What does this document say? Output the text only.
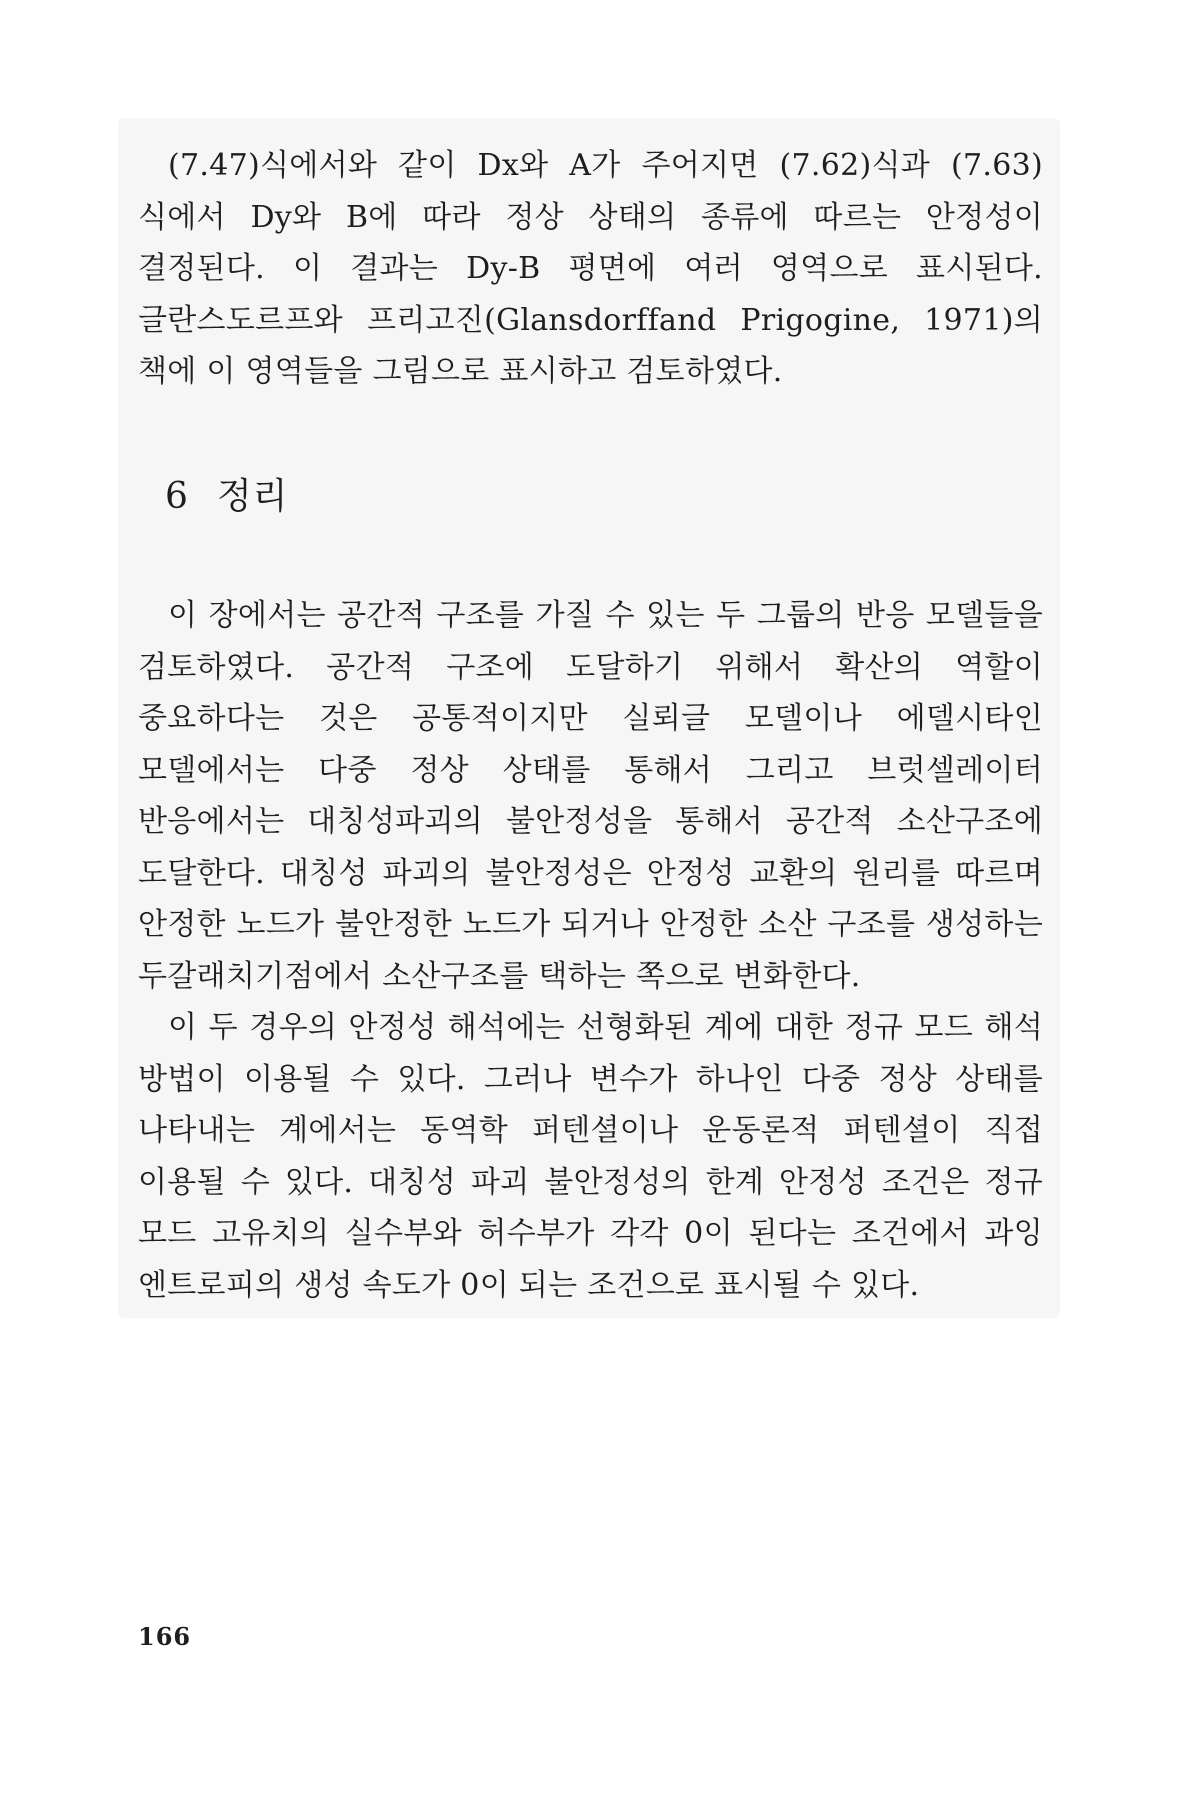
(7.47)식에서와 같이 Dx와 A가 주어지면 (7.62)식과 (7.63)식에서 Dy와 B에 따라 정상 상태의 종류에 따르는 안정성이 결정된다. 이 결과는 Dy-B 평면에 여러 영역으로 표시된다. 글란스도르프와 프리고진(Glansdorffand Prigogine, 1971)의 책에 이 영역들을 그림으로 표시하고 검토하였다.

6 정리

이 장에서는 공간적 구조를 가질 수 있는 두 그룹의 반응 모델들을 검토하였다. 공간적 구조에 도달하기 위해서 확산의 역할이 중요하다는 것은 공통적이지만 실뢰글 모델이나 에델시타인 모델에서는 다중 정상 상태를 통해서 그리고 브럿셀레이터 반응에서는 대칭성파괴의 불안정성을 통해서 공간적 소산구조에 도달한다. 대칭성 파괴의 불안정성은 안정성 교환의 원리를 따르며 안정한 노드가 불안정한 노드가 되거나 안정한 소산 구조를 생성하는 두갈래치기점에서 소산구조를 택하는 쪽으로 변화한다.

이 두 경우의 안정성 해석에는 선형화된 계에 대한 정규 모드 해석 방법이 이용될 수 있다. 그러나 변수가 하나인 다중 정상 상태를 나타내는 계에서는 동역학 퍼텐셜이나 운동론적 퍼텐셜이 직접 이용될 수 있다. 대칭성 파괴 불안정성의 한계 안정성 조건은 정규 모드 고유치의 실수부와 허수부가 각각 0이 된다는 조건에서 과잉 엔트로피의 생성 속도가 0이 되는 조건으로 표시될 수 있다.

166
